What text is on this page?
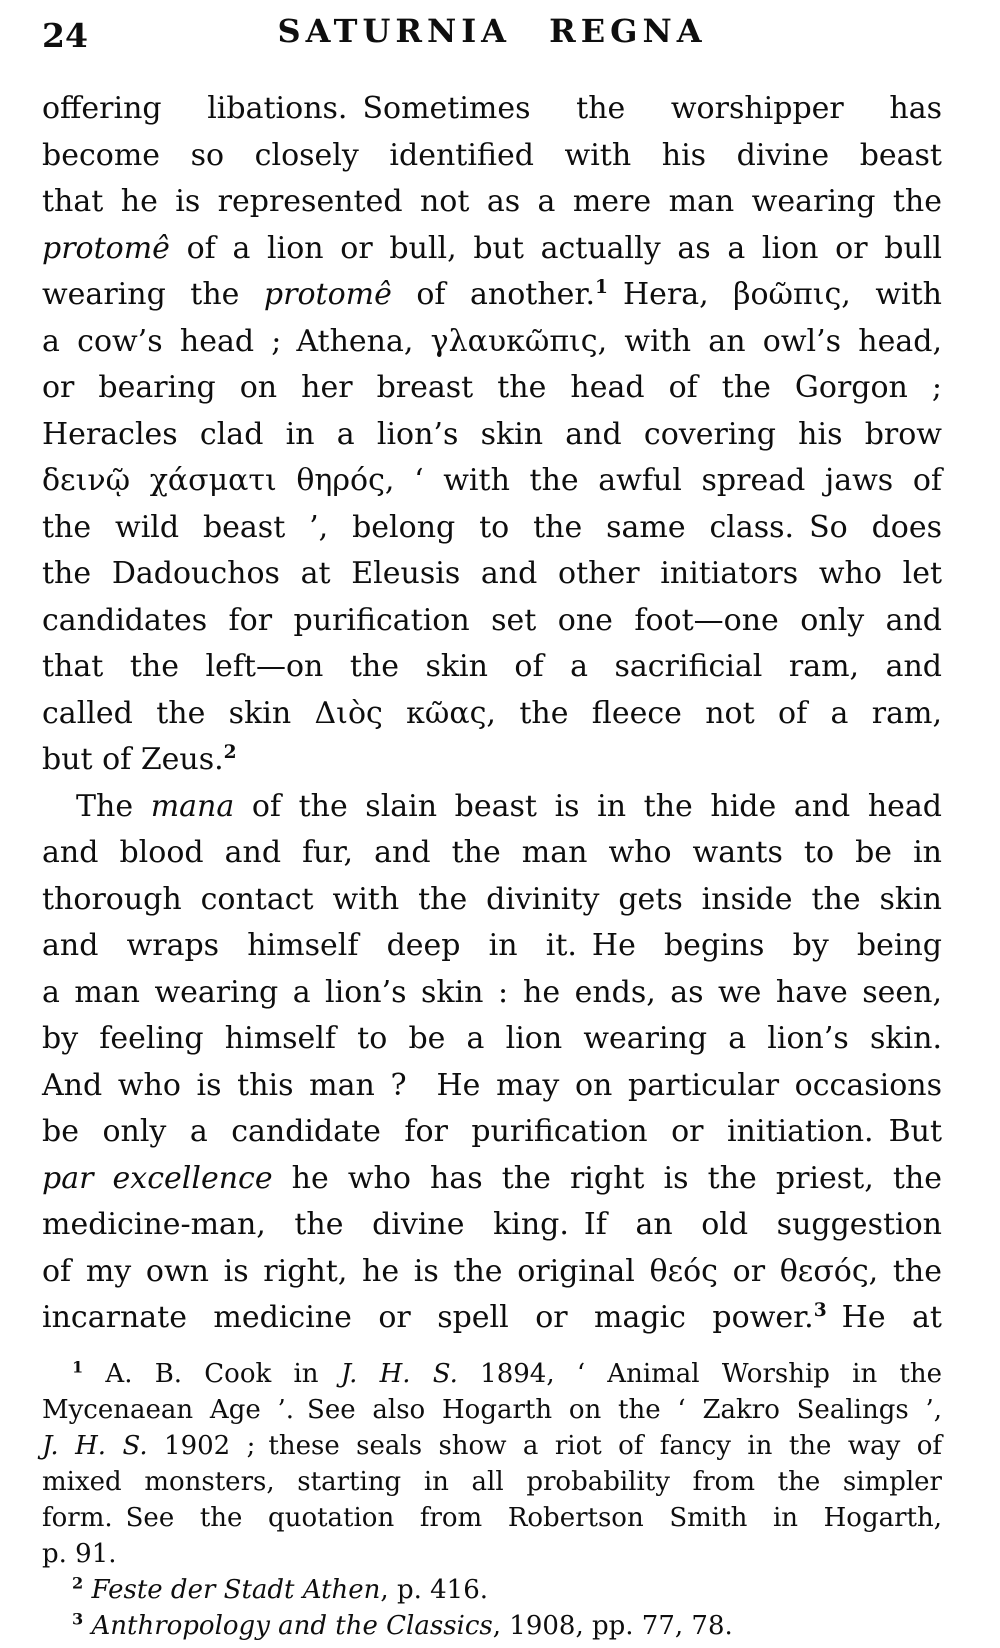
24	SATURNIA REGNA
offering libations. Sometimes the worshipper has
become so closely identified with his divine beast
that he is represented not as a mere man wearing the
protomê of a lion or bull, but actually as a lion or bull
wearing the protomê of another.$^1$ Hera, βοῶπις, with
a cow’s head ; Athena, γλαυκῶπις, with an owl’s head,
or bearing on her breast the head of the Gorgon ;
Heracles clad in a lion’s skin and covering his brow
δεινῷ χάσματι θηρός, ‘ with the awful spread jaws of
the wild beast ’, belong to the same class. So does
the Dadouchos at Eleusis and other initiators who let
candidates for purification set one foot—one only and
that the left—on the skin of a sacrificial ram, and
called the skin Διὸς κῶας, the fleece not of a ram,
but of Zeus.$^2$
The mana of the slain beast is in the hide and head
and blood and fur, and the man who wants to be in
thorough contact with the divinity gets inside the skin
and wraps himself deep in it. He begins by being
a man wearing a lion’s skin : he ends, as we have seen,
by feeling himself to be a lion wearing a lion’s skin.
And who is this man ? He may on particular occasions
be only a candidate for purification or initiation. But
par excellence he who has the right is the priest, the
medicine-man, the divine king. If an old suggestion
of my own is right, he is the original θεός or θεσός, the
incarnate medicine or spell or magic power.$^3$ He at
$^1$ A. B. Cook in J. H. S. 1894, ‘ Animal Worship in the
Mycenaean Age ’. See also Hogarth on the ‘ Zakro Sealings ’,
J. H. S. 1902 ; these seals show a riot of fancy in the way of
mixed monsters, starting in all probability from the simpler
form. See the quotation from Robertson Smith in Hogarth,
p. 91.
$^2$ Feste der Stadt Athen, p. 416.
$^3$ Anthropology and the Classics, 1908, pp. 77, 78.
